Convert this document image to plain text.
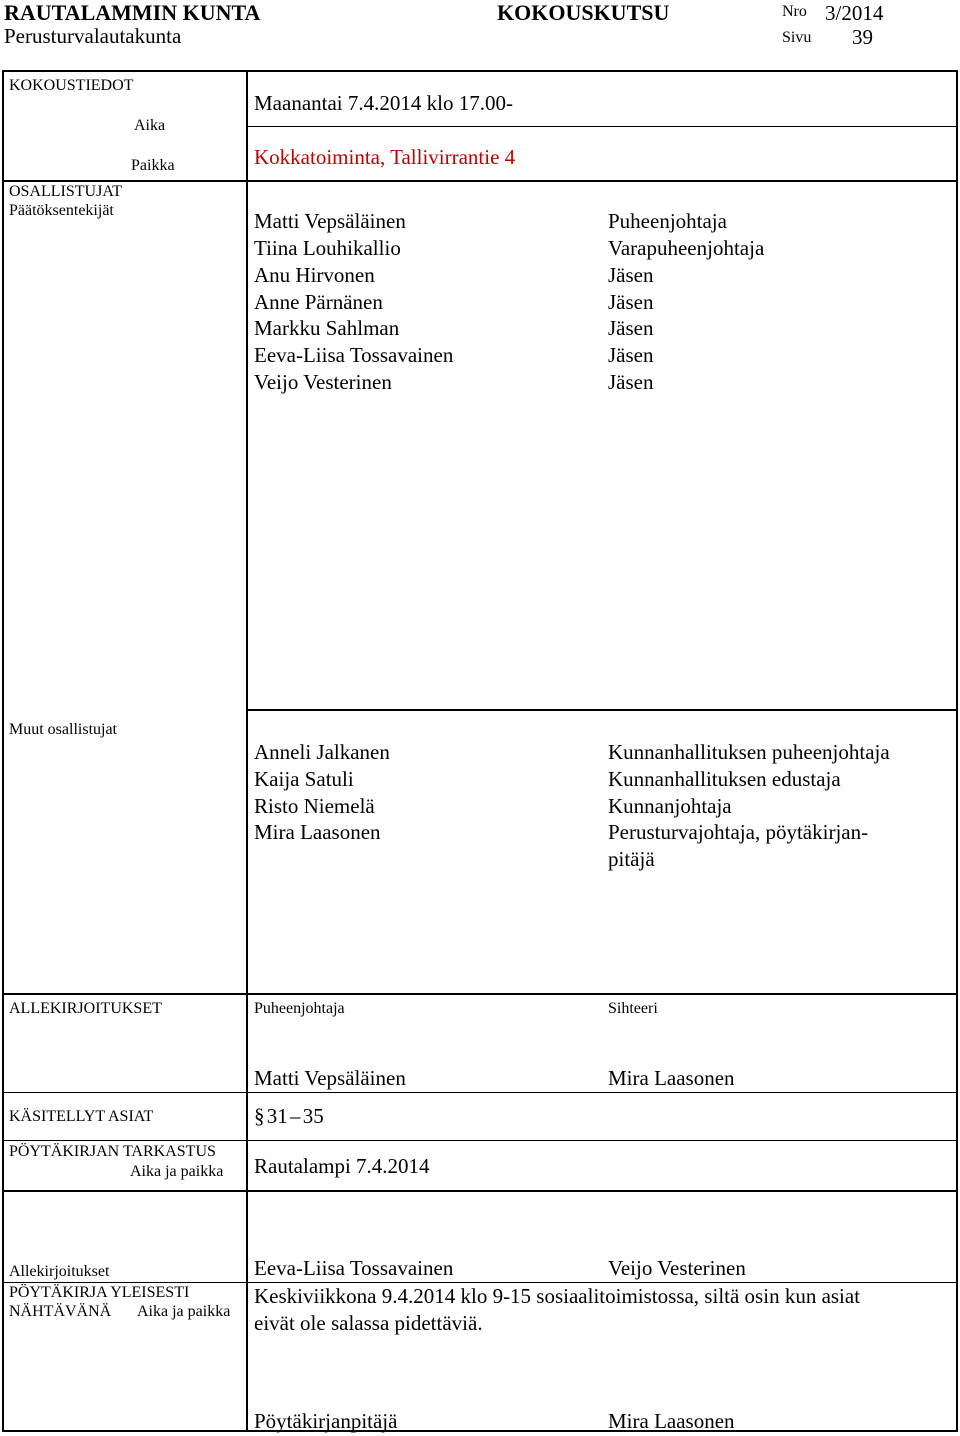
RAUTALAMMIN KUNTA	KOKOUSKUTSU	Nro 3/2014
Perusturvalautakunta	Sivu 39
KOKOUSTIEDOT
Aika
Maanantai 7.4.2014 klo 17.00-
Paikka	Kokkatoiminta, Tallivirrantie 4
OSALLISTUJAT
Päätöksentekijät	Matti Vepsäläinen	Puheenjohtaja
Tiina Louhikallio	Varapuheenjohtaja
Anu Hirvonen	Jäsen
Anne Pärnänen	Jäsen
Markku Sahlman	Jäsen
Eeva-Liisa Tossavainen	Jäsen
Veijo Vesterinen	Jäsen
Muut osallistujat
Anneli Jalkanen	Kunnanhallituksen puheenjohtaja
Kaija Satuli	Kunnanhallituksen edustaja
Risto Niemelä	Kunnanjohtaja
Mira Laasonen	Perusturvajohtaja, pöytäkirjan-
pitäjä
ALLEKIRJOITUKSET	Puheenjohtaja	Sihteeri
Matti Vepsäläinen	Mira Laasonen
KÄSITELLYT ASIAT	§ 31 – 35
PÖYTÄKIRJAN TARKASTUS
Aika ja paikka Rautalampi 7.4.2014
Allekirjoitukset	Eeva-Liisa Tossavainen	Veijo Vesterinen
PÖYTÄKIRJA YLEISESTI
NÄHTÄVÄNÄ Aika ja paikka
Keskiviikkona 9.4.2014 klo 9-15 sosiaalitoimistossa, siltä osin kun asiat
eivät ole salassa pidettäviä.
Pöytäkirjanpitäjä	Mira Laasonen
